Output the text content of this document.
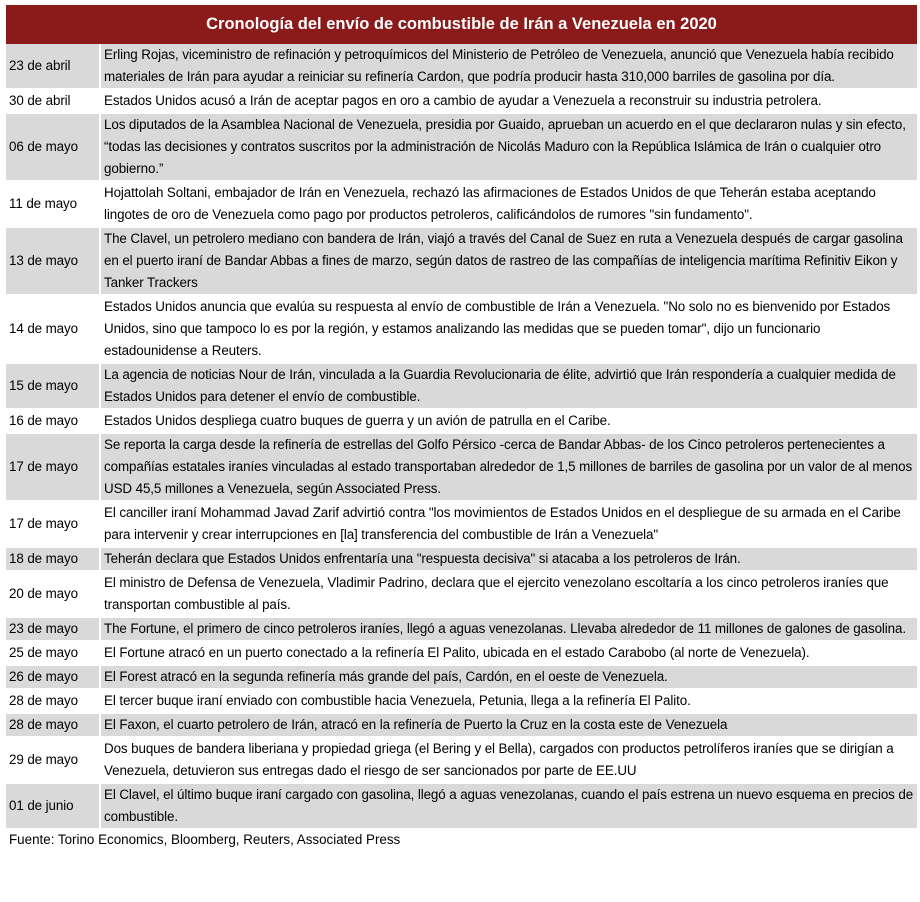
Cronología del envío de combustible de Irán a Venezuela en 2020
23 de abril	Erling Rojas, viceministro de refinación y petroquímicos del Ministerio de Petróleo de Venezuela, anunció que Venezuela había recibido materiales de Irán para ayudar a reiniciar su refinería Cardon, que podría producir hasta 310,000 barriles de gasolina por día.
30 de abril	Estados Unidos acusó a Irán de aceptar pagos en oro a cambio de ayudar a Venezuela a reconstruir su industria petrolera.
06 de mayo	Los diputados de la Asamblea Nacional de Venezuela, presidia por Guaido, aprueban un acuerdo en el que declararon nulas y sin efecto, “todas las decisiones y contratos suscritos por la administración de Nicolás Maduro con la República Islámica de Irán o cualquier otro gobierno.”
11 de mayo	Hojattolah Soltani, embajador de Irán en Venezuela, rechazó las afirmaciones de Estados Unidos de que Teherán estaba aceptando lingotes de oro de Venezuela como pago por productos petroleros, calificándolos de rumores "sin fundamento".
13 de mayo	The Clavel, un petrolero mediano con bandera de Irán, viajó a través del Canal de Suez en ruta a Venezuela después de cargar gasolina en el puerto iraní de Bandar Abbas a fines de marzo, según datos de rastreo de las compañías de inteligencia marítima Refinitiv Eikon y Tanker Trackers
14 de mayo	Estados Unidos anuncia que evalúa su respuesta al envío de combustible de Irán a Venezuela. "No solo no es bienvenido por Estados Unidos, sino que tampoco lo es por la región, y estamos analizando las medidas que se pueden tomar", dijo un funcionario estadounidense a Reuters.
15 de mayo	La agencia de noticias Nour de Irán, vinculada a la Guardia Revolucionaria de élite, advirtió que Irán respondería a cualquier medida de Estados Unidos para detener el envío de combustible.
16 de mayo	Estados Unidos despliega cuatro buques de guerra y un avión de patrulla en el Caribe.
17 de mayo	Se reporta la carga desde la refinería de estrellas del Golfo Pérsico -cerca de Bandar Abbas- de los Cinco petroleros pertenecientes a compañías estatales iraníes vinculadas al estado transportaban alrededor de 1,5 millones de barriles de gasolina por un valor de al menos USD 45,5 millones a Venezuela, según Associated Press.
17 de mayo	El canciller iraní Mohammad Javad Zarif advirtió contra "los movimientos de Estados Unidos en el despliegue de su armada en el Caribe para intervenir y crear interrupciones en [la] transferencia del combustible de Irán a Venezuela"
18 de mayo	Teherán declara que Estados Unidos enfrentaría una "respuesta decisiva" si atacaba a los petroleros de Irán.
20 de mayo	El ministro de Defensa de Venezuela, Vladimir Padrino, declara que el ejercito venezolano escoltaría a los cinco petroleros iraníes que transportan combustible al país.
23 de mayo	The Fortune, el primero de cinco petroleros iraníes, llegó a aguas venezolanas. Llevaba alrededor de 11 millones de galones de gasolina.
25 de mayo	El Fortune atracó en un puerto conectado a la refinería El Palito, ubicada en el estado Carabobo (al norte de Venezuela).
26 de mayo	El Forest atracó en la segunda refinería más grande del país, Cardón, en el oeste de Venezuela.
28 de mayo	El tercer buque iraní enviado con combustible hacia Venezuela, Petunia, llega a la refinería El Palito.
28 de mayo	El Faxon, el cuarto petrolero de Irán, atracó en la refinería de Puerto la Cruz en la costa este de Venezuela
29 de mayo	Dos buques de bandera liberiana y propiedad griega (el Bering y el Bella), cargados con productos petrolíferos iraníes que se dirigían a Venezuela, detuvieron sus entregas dado el riesgo de ser sancionados por parte de EE.UU
01 de junio	El Clavel, el último buque iraní cargado con gasolina, llegó a aguas venezolanas, cuando el país estrena un nuevo esquema en precios de combustible.
Fuente: Torino Economics, Bloomberg, Reuters, Associated Press
